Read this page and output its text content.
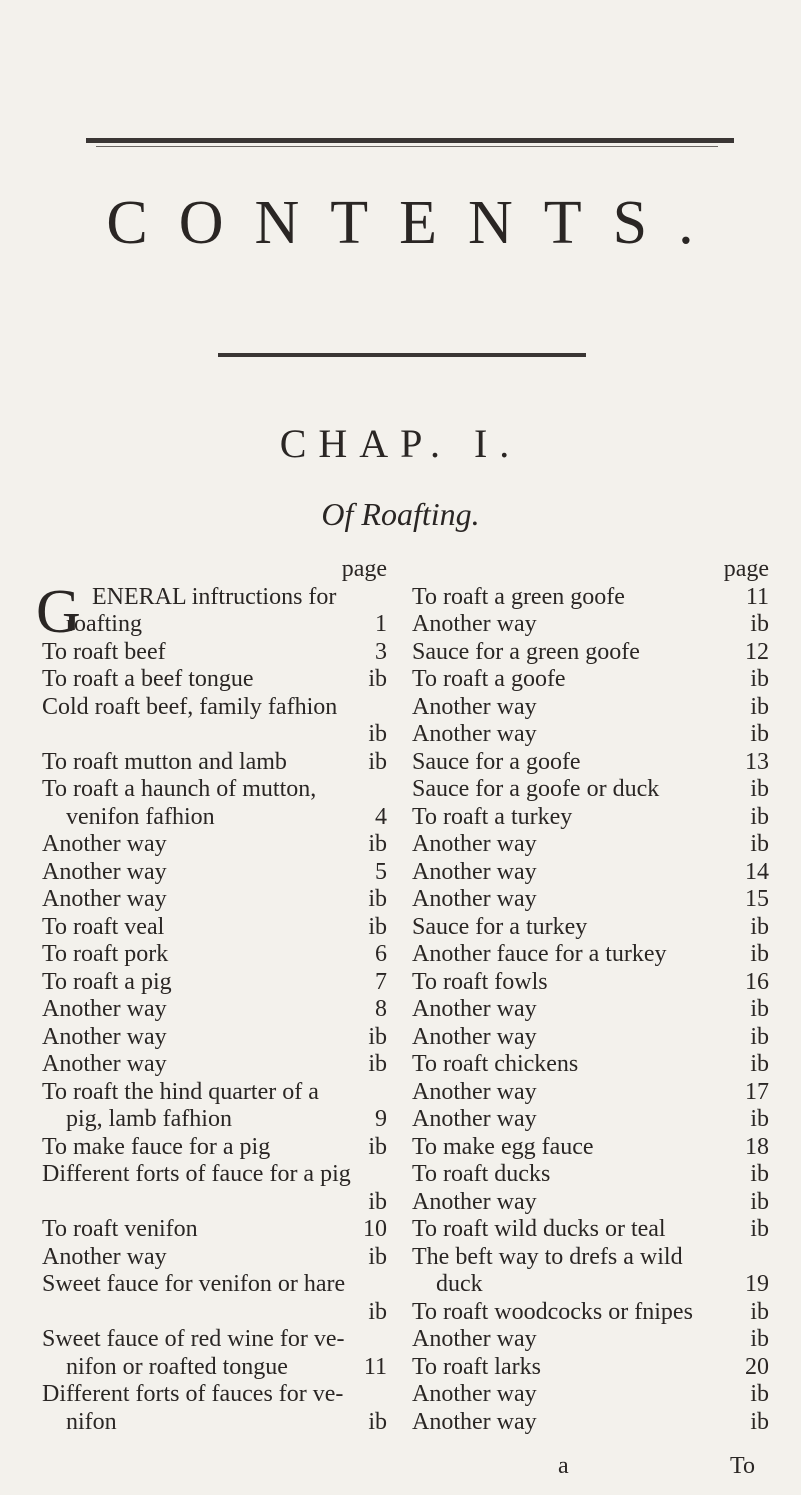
CONTENTS.
CHAP. I.
Of Roafting.
page
G ENERAL inftructions for
roafting	1
To roaft beef	3
To roaft a beef tongue	ib
Cold roaft beef, family fafhion
ib
To roaft mutton and lamb	ib
To roaft a haunch of mutton,
venifon fafhion	4
Another way	ib
Another way	5
Another way	ib
To roaft veal	ib
To roaft pork	6
To roaft a pig	7
Another way	8
Another way	ib
Another way	ib
To roaft the hind quarter of a
pig, lamb fafhion	9
To make fauce for a pig	ib
Different forts of fauce for a pig
ib
To roaft venifon	10
Another way	ib
Sweet fauce for venifon or hare
ib
Sweet fauce of red wine for ve-
nifon or roafted tongue	11
Different forts of fauces for ve-
nifon	ib
page
To roaft a green goofe	11
Another way	ib
Sauce for a green goofe	12
To roaft a goofe	ib
Another way	ib
Another way	ib
Sauce for a goofe	13
Sauce for a goofe or duck	ib
To roaft a turkey	ib
Another way	ib
Another way	14
Another way	15
Sauce for a turkey	ib
Another fauce for a turkey	ib
To roaft fowls	16
Another way	ib
Another way	ib
To roaft chickens	ib
Another way	17
Another way	ib
To make egg fauce	18
To roaft ducks	ib
Another way	ib
To roaft wild ducks or teal	ib
The beft way to drefs a wild
duck	19
To roaft woodcocks or fnipes	ib
Another way	ib
To roaft larks	20
Another way	ib
Another way	ib
a	To
